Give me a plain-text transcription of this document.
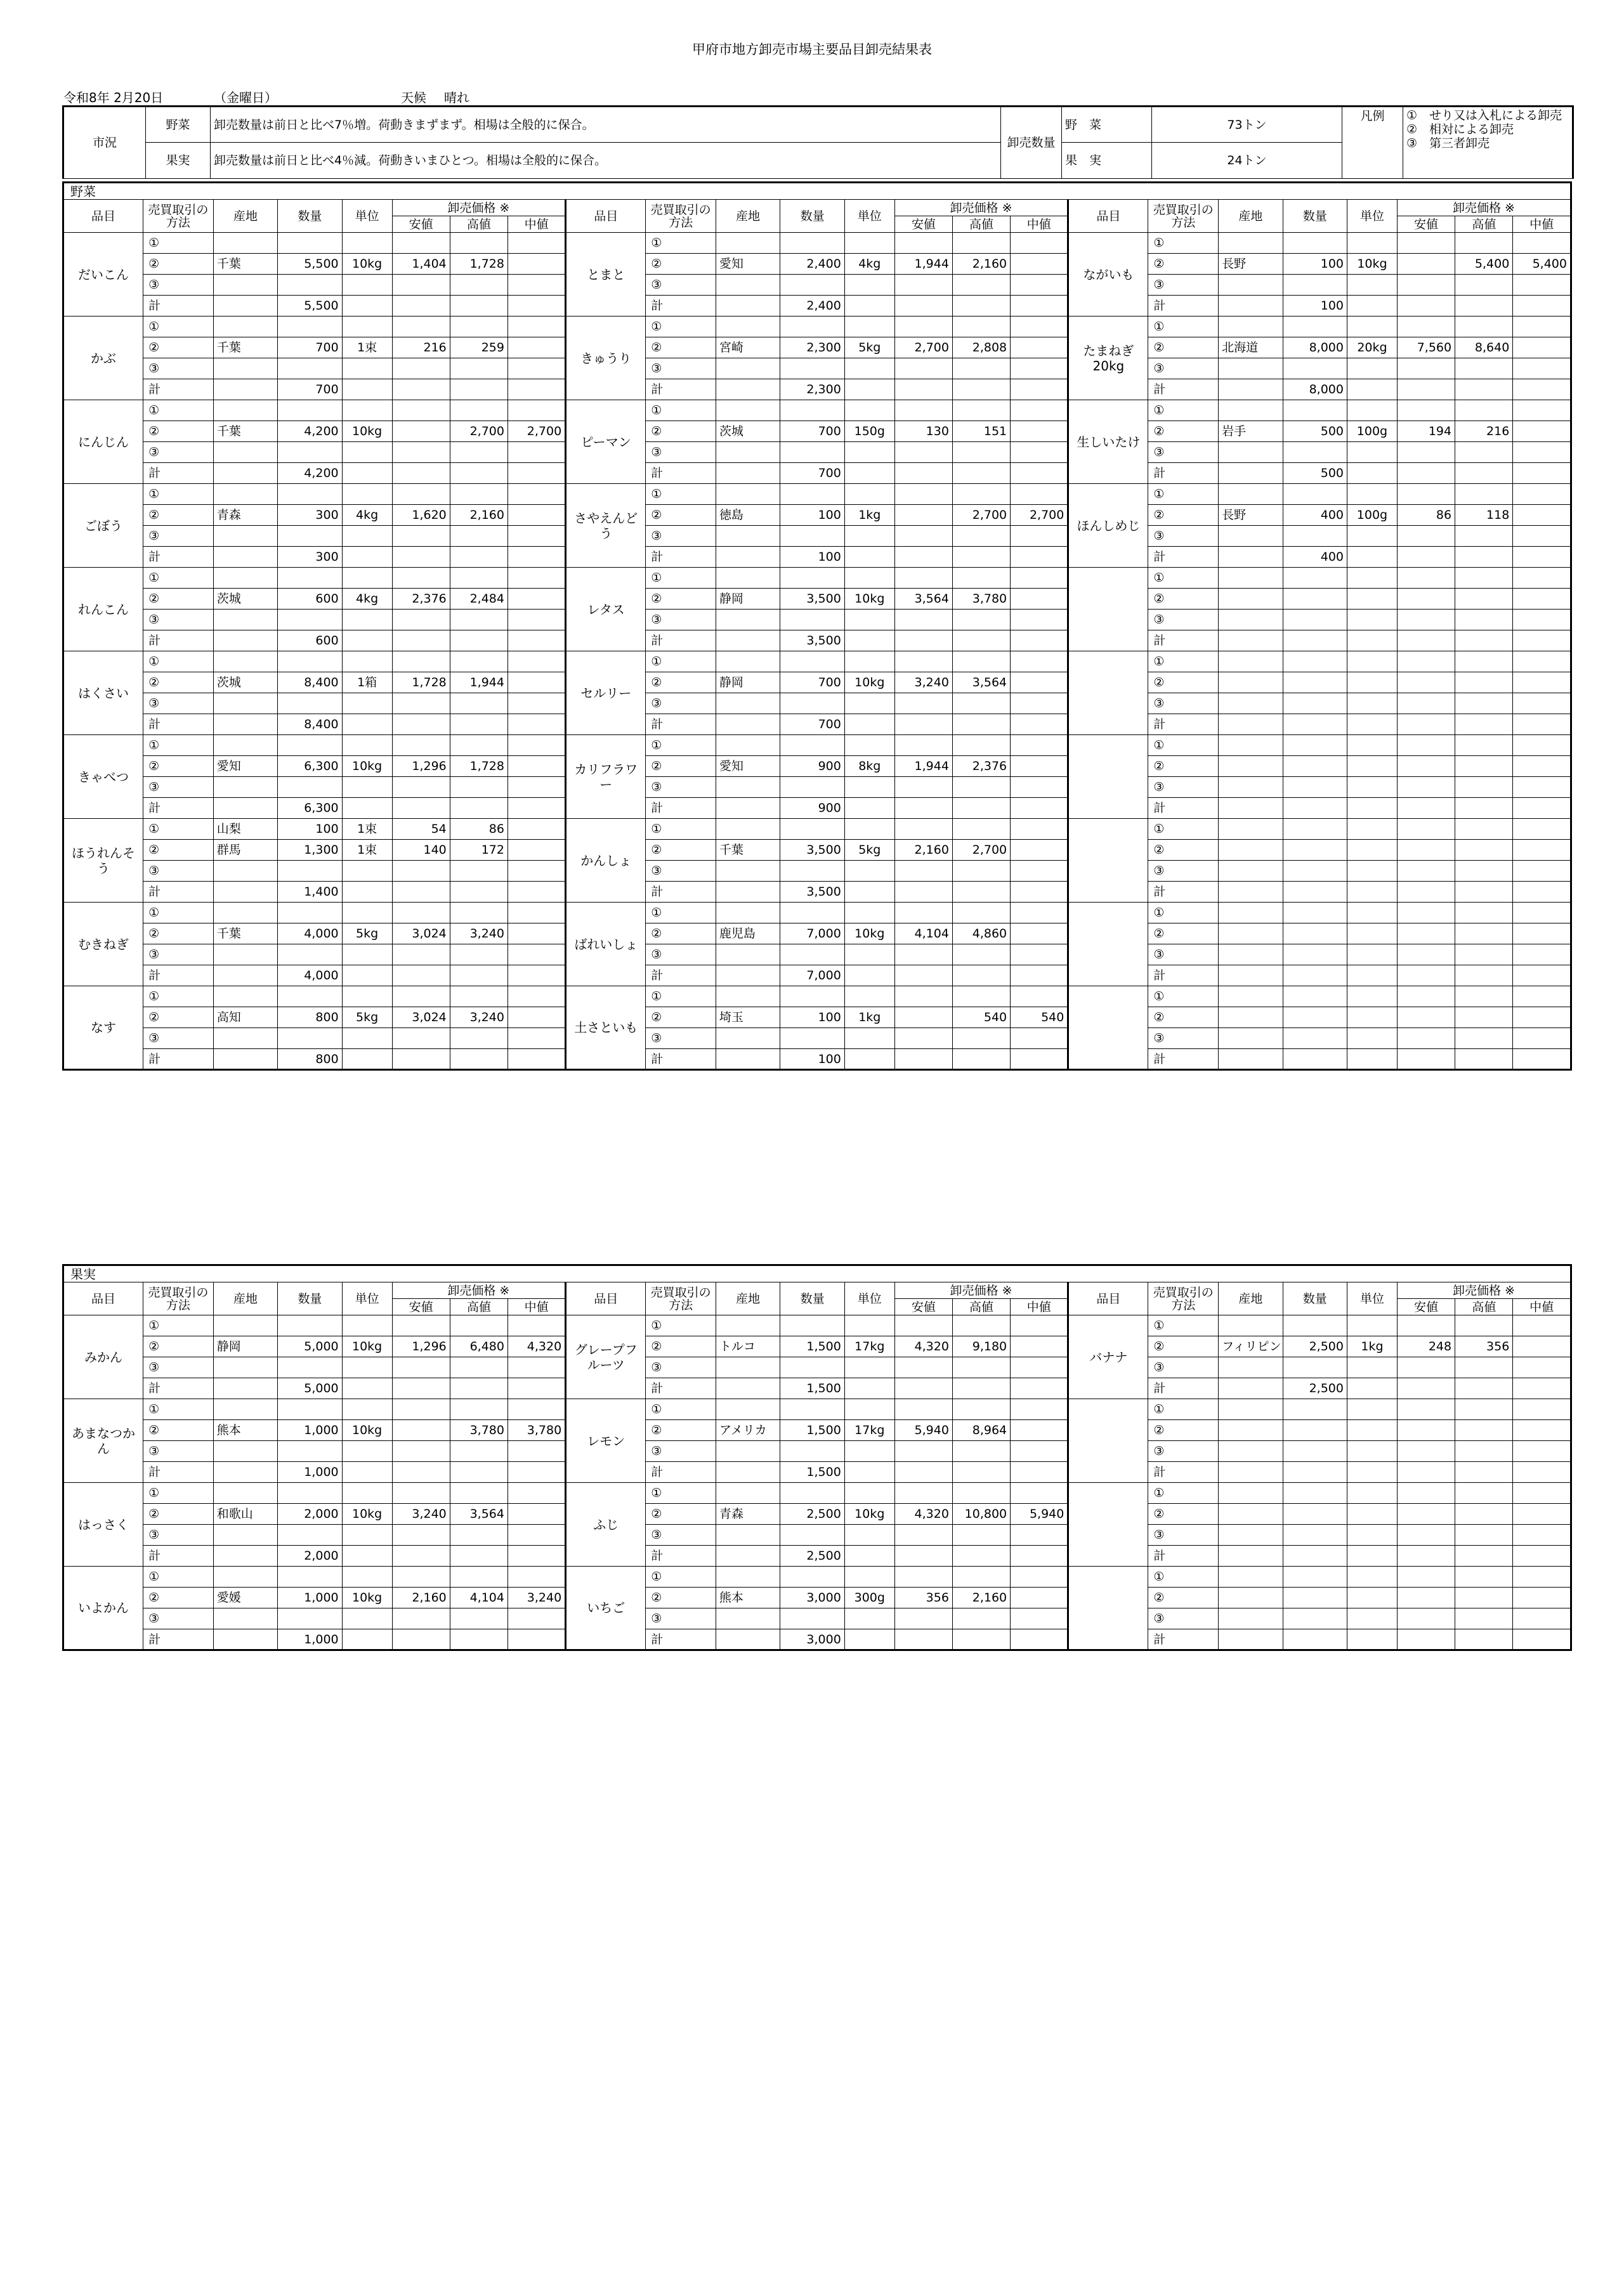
甲府市地方卸売市場主要品目卸売結果表
令和8年 2月20日	（金曜日）	天候 晴れ
市況	野菜	卸売数量は前日と比べ7％増。荷動きまずまず。相場は全般的に保合。	卸売数量	野　菜	73トン	凡例	①　せり又は入札による卸売
②　相対による卸売
③　第三者卸売

	果実	卸売数量は前日と比べ4％減。荷動きいまひとつ。相場は全般的に保合。		果　実	24トン		
野菜																							
品目	売買取引の方法	産地	数量	単位	卸売価格 ※			品目	売買取引の方法	産地	数量	単位	卸売価格 ※			品目	売買取引の方法	産地	数量	単位	卸売価格 ※		
					安値	高値	中値						安値	高値	中値						安値	高値	中値
だいこん	①							とまと	①							ながいも	①						
	②	千葉	5,500	10kg	1,404	1,728			②	愛知	2,400	4kg	1,944	2,160			②	長野	100	10kg		5,400	5,400
	③								③								③						
	計		5,500						計		2,400						計		100				
かぶ	①							きゅうり	①							たまねぎ20kg	①						
	②	千葉	700	1束	216	259			②	宮崎	2,300	5kg	2,700	2,808			②	北海道	8,000	20kg	7,560	8,640	
	③								③								③						
	計		700						計		2,300						計		8,000				
にんじん	①							ピーマン	①							生しいたけ	①						
	②	千葉	4,200	10kg		2,700	2,700		②	茨城	700	150g	130	151			②	岩手	500	100g	194	216	
	③								③								③						
	計		4,200						計		700						計		500				
ごぼう	①							さやえんどう	①							ほんしめじ	①						
	②	青森	300	4kg	1,620	2,160			②	徳島	100	1kg		2,700	2,700		②	長野	400	100g	86	118	
	③								③								③						
	計		300						計		100						計		400				
れんこん	①							レタス	①								①						
	②	茨城	600	4kg	2,376	2,484			②	静岡	3,500	10kg	3,564	3,780			②						
	③								③								③						
	計		600						計		3,500						計						
はくさい	①							セルリー	①								①						
	②	茨城	8,400	1箱	1,728	1,944			②	静岡	700	10kg	3,240	3,564			②						
	③								③								③						
	計		8,400						計		700						計						
きゃべつ	①							カリフラワー	①								①						
	②	愛知	6,300	10kg	1,296	1,728			②	愛知	900	8kg	1,944	2,376			②						
	③								③								③						
	計		6,300						計		900						計						
ほうれんそう	①	山梨	100	1束	54	86		かんしょ	①								①						
	②	群馬	1,300	1束	140	172			②	千葉	3,500	5kg	2,160	2,700			②						
	③								③								③						
	計		1,400						計		3,500						計						
むきねぎ	①							ばれいしょ	①								①						
	②	千葉	4,000	5kg	3,024	3,240			②	鹿児島	7,000	10kg	4,104	4,860			②						
	③								③								③						
	計		4,000						計		7,000						計						
なす	①							土さといも	①								①						
	②	高知	800	5kg	3,024	3,240			②	埼玉	100	1kg		540	540		②						
	③								③								③						
	計		800						計		100						計						
果実																							
品目	売買取引の方法	産地	数量	単位	卸売価格 ※			品目	売買取引の方法	産地	数量	単位	卸売価格 ※			品目	売買取引の方法	産地	数量	単位	卸売価格 ※		
					安値	高値	中値						安値	高値	中値						安値	高値	中値
みかん	①							グレープフルーツ	①							バナナ	①						
	②	静岡	5,000	10kg	1,296	6,480	4,320		②	トルコ	1,500	17kg	4,320	9,180			②	フィリピン	2,500	1kg	248	356	
	③								③								③						
	計		5,000						計		1,500						計		2,500				
あまなつかん	①							レモン	①								①						
	②	熊本	1,000	10kg		3,780	3,780		②	アメリカ	1,500	17kg	5,940	8,964			②						
	③								③								③						
	計		1,000						計		1,500						計						
はっさく	①							ふじ	①								①						
	②	和歌山	2,000	10kg	3,240	3,564			②	青森	2,500	10kg	4,320	10,800	5,940		②						
	③								③								③						
	計		2,000						計		2,500						計						
いよかん	①							いちご	①								①						
	②	愛媛	1,000	10kg	2,160	4,104	3,240		②	熊本	3,000	300g	356	2,160			②						
	③								③								③						
	計		1,000						計		3,000						計						
